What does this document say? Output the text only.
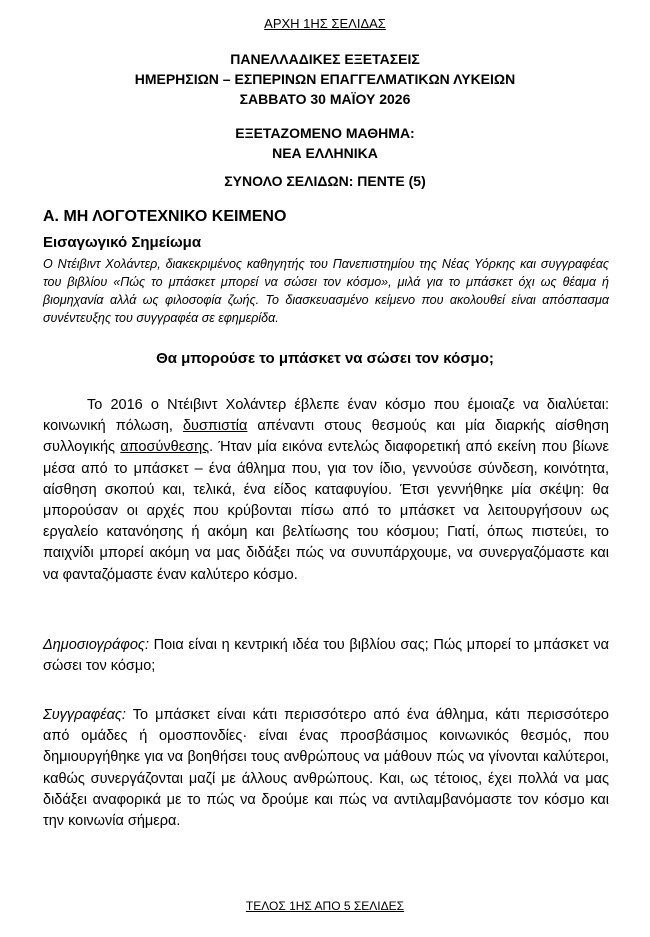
ΑΡΧΗ 1ΗΣ ΣΕΛΙΔΑΣ
ΠΑΝΕΛΛΑΔΙΚΕΣ ΕΞΕΤΑΣΕΙΣ
ΗΜΕΡΗΣΙΩΝ – ΕΣΠΕΡΙΝΩΝ ΕΠΑΓΓΕΛΜΑΤΙΚΩΝ ΛΥΚΕΙΩΝ
ΣΑΒΒΑΤΟ 30 ΜΑΪΟΥ 2026
ΕΞΕΤΑΖΟΜΕΝΟ ΜΑΘΗΜΑ:
ΝΕΑ ΕΛΛΗΝΙΚΑ
ΣΥΝΟΛΟ ΣΕΛΙΔΩΝ: ΠΕΝΤΕ (5)
Α. ΜΗ ΛΟΓΟΤΕΧΝΙΚΟ ΚΕΙΜΕΝΟ
Εισαγωγικό Σημείωμα
Ο Ντέιβιντ Χολάντερ, διακεκριμένος καθηγητής του Πανεπιστημίου της Νέας Υόρκης και συγγραφέας του βιβλίου «Πώς το μπάσκετ μπορεί να σώσει τον κόσμο», μιλά για το μπάσκετ όχι ως θέαμα ή βιομηχανία αλλά ως φιλοσοφία ζωής. Το διασκευασμένο κείμενο που ακολουθεί είναι απόσπασμα συνέντευξης του συγγραφέα σε εφημερίδα.
Θα μπορούσε το μπάσκετ να σώσει τον κόσμο;
Το 2016 ο Ντέιβιντ Χολάντερ έβλεπε έναν κόσμο που έμοιαζε να διαλύεται: κοινωνική πόλωση, δυσπιστία απέναντι στους θεσμούς και μία διαρκής αίσθηση συλλογικής αποσύνθεσης. Ήταν μία εικόνα εντελώς διαφορετική από εκείνη που βίωνε μέσα από το μπάσκετ – ένα άθλημα που, για τον ίδιο, γεννούσε σύνδεση, κοινότητα, αίσθηση σκοπού και, τελικά, ένα είδος καταφυγίου. Έτσι γεννήθηκε μία σκέψη: θα μπορούσαν οι αρχές που κρύβονται πίσω από το μπάσκετ να λειτουργήσουν ως εργαλείο κατανόησης ή ακόμη και βελτίωσης του κόσμου; Γιατί, όπως πιστεύει, το παιχνίδι μπορεί ακόμη να μας διδάξει πώς να συνυπάρχουμε, να συνεργαζόμαστε και να φανταζόμαστε έναν καλύτερο κόσμο.
Δημοσιογράφος: Ποια είναι η κεντρική ιδέα του βιβλίου σας; Πώς μπορεί το μπάσκετ να σώσει τον κόσμο;
Συγγραφέας: Το μπάσκετ είναι κάτι περισσότερο από ένα άθλημα, κάτι περισσότερο από ομάδες ή ομοσπονδίες· είναι ένας προσβάσιμος κοινωνικός θεσμός, που δημιουργήθηκε για να βοηθήσει τους ανθρώπους να μάθουν πώς να γίνονται καλύτεροι, καθώς συνεργάζονται μαζί με άλλους ανθρώπους. Και, ως τέτοιος, έχει πολλά να μας διδάξει αναφορικά με το πώς να δρούμε και πώς να αντιλαμβανόμαστε τον κόσμο και την κοινωνία σήμερα.
ΤΕΛΟΣ 1ΗΣ ΑΠΟ 5 ΣΕΛΙΔΕΣ
